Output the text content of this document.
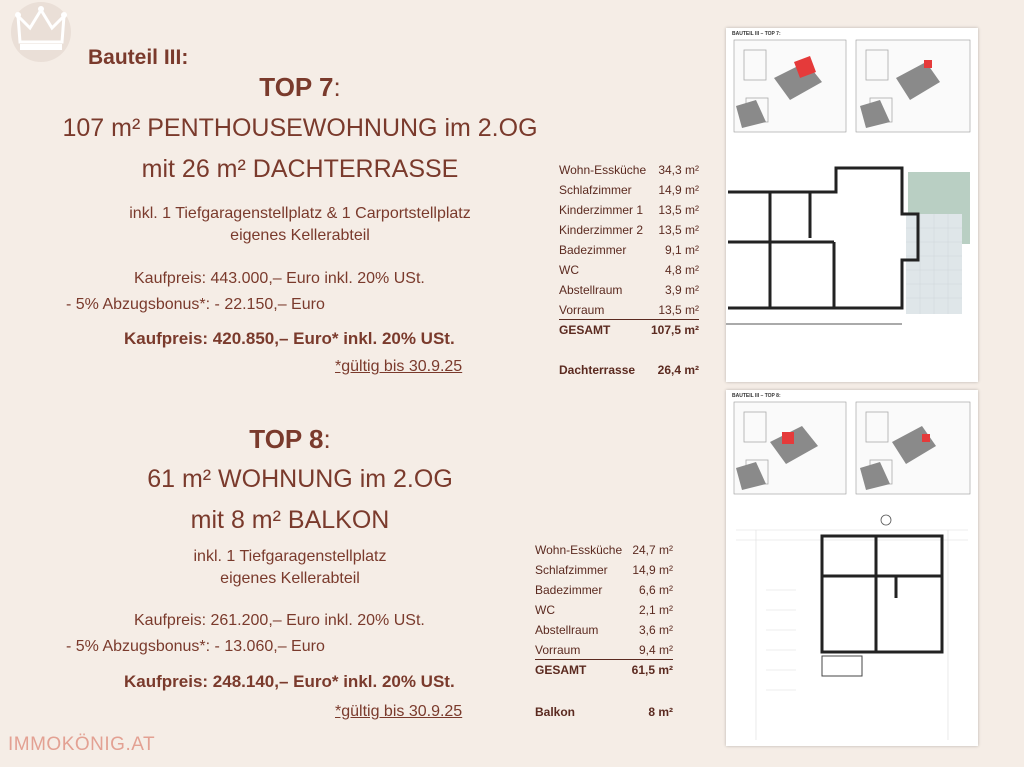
Bauteil III:
TOP 7:
107 m² PENTHOUSEWOHNUNG im 2.OG
mit 26 m² DACHTERRASSE
inkl. 1 Tiefgaragenstellplatz & 1 Carportstellplatz
eigenes Kellerabteil
Kaufpreis: 443.000,– Euro inkl. 20% USt.
- 5% Abzugsbonus*: - 22.150,– Euro
Kaufpreis: 420.850,– Euro* inkl. 20% USt.
*gültig bis 30.9.25
Wohn-Essküche 34,3 m²
Schlafzimmer 14,9 m²
Kinderzimmer 1 13,5 m²
Kinderzimmer 2 13,5 m²
Badezimmer	9,1 m²
WC	4,8 m²
Abstellraum	3,9 m²
Vorraum	13,5 m²
GESAMT	107,5 m²
Dachterrasse 26,4 m²
TOP 8:
61 m² WOHNUNG im 2.OG
mit 8 m² BALKON
inkl. 1 Tiefgaragenstellplatz
eigenes Kellerabteil
Kaufpreis: 261.200,– Euro inkl. 20% USt.
- 5% Abzugsbonus*: - 13.060,– Euro
Kaufpreis: 248.140,– Euro* inkl. 20% USt.
*gültig bis 30.9.25
Wohn-Essküche 24,7 m²
Schlafzimmer 14,9 m²
Badezimmer	6,6 m²
WC	2,1 m²
Abstellraum	3,6 m²
Vorraum	9,4 m²
GESAMT	61,5 m²
Balkon	8 m²
BAUTEIL III – TOP 7:
BAUTEIL III – TOP 8:
IMMOKÖNIG.AT
